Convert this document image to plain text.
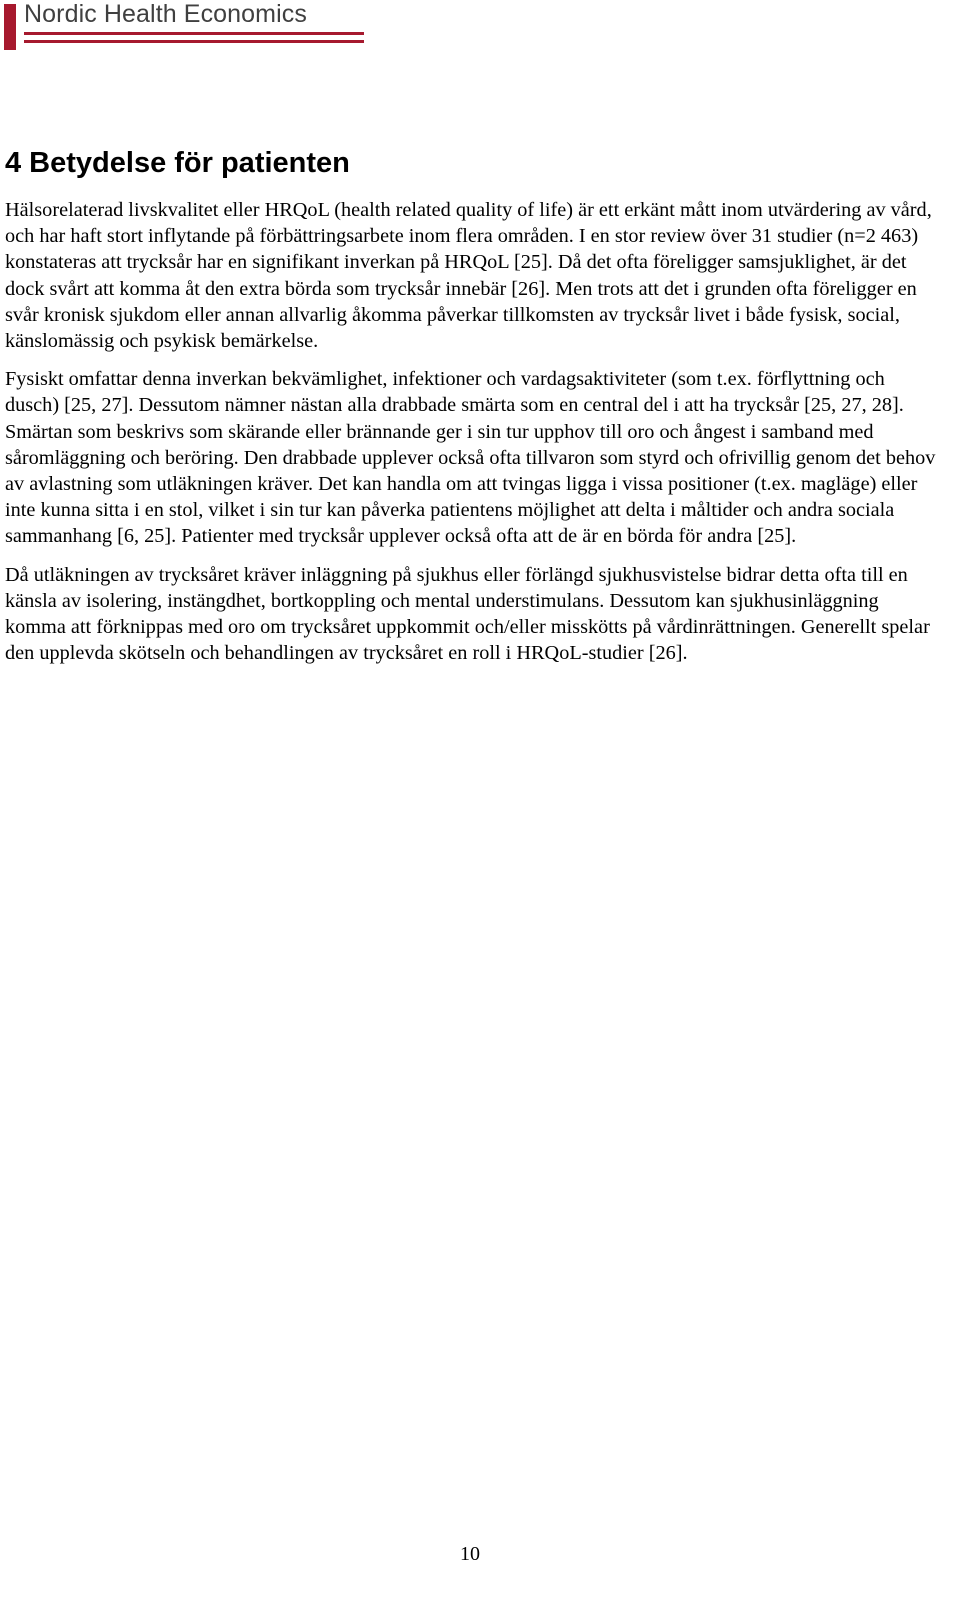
Nordic Health Economics
4 Betydelse för patienten

Hälsorelaterad livskvalitet eller HRQoL (health related quality of life) är ett erkänt mått inom utvärdering av vård, och har haft stort inflytande på förbättringsarbete inom flera områden. I en stor review över 31 studier (n=2 463) konstateras att trycksår har en signifikant inverkan på HRQoL [25]. Då det ofta föreligger samsjuklighet, är det dock svårt att komma åt den extra börda som trycksår innebär [26]. Men trots att det i grunden ofta föreligger en svår kronisk sjukdom eller annan allvarlig åkomma påverkar tillkomsten av trycksår livet i både fysisk, social, känslomässig och psykisk bemärkelse.

Fysiskt omfattar denna inverkan bekvämlighet, infektioner och vardagsaktiviteter (som t.ex. förflyttning och dusch) [25, 27]. Dessutom nämner nästan alla drabbade smärta som en central del i att ha trycksår [25, 27, 28]. Smärtan som beskrivs som skärande eller brännande ger i sin tur upphov till oro och ångest i samband med såromläggning och beröring. Den drabbade upplever också ofta tillvaron som styrd och ofrivillig genom det behov av avlastning som utläkningen kräver. Det kan handla om att tvingas ligga i vissa positioner (t.ex. magläge) eller inte kunna sitta i en stol, vilket i sin tur kan påverka patientens möjlighet att delta i måltider och andra sociala sammanhang [6, 25]. Patienter med trycksår upplever också ofta att de är en börda för andra [25].

Då utläkningen av trycksåret kräver inläggning på sjukhus eller förlängd sjukhusvistelse bidrar detta ofta till en känsla av isolering, instängdhet, bortkoppling och mental understimulans. Dessutom kan sjukhusinläggning komma att förknippas med oro om trycksåret uppkommit och/eller misskötts på vårdinrättningen. Generellt spelar den upplevda skötseln och behandlingen av trycksåret en roll i HRQoL-studier [26].

10
